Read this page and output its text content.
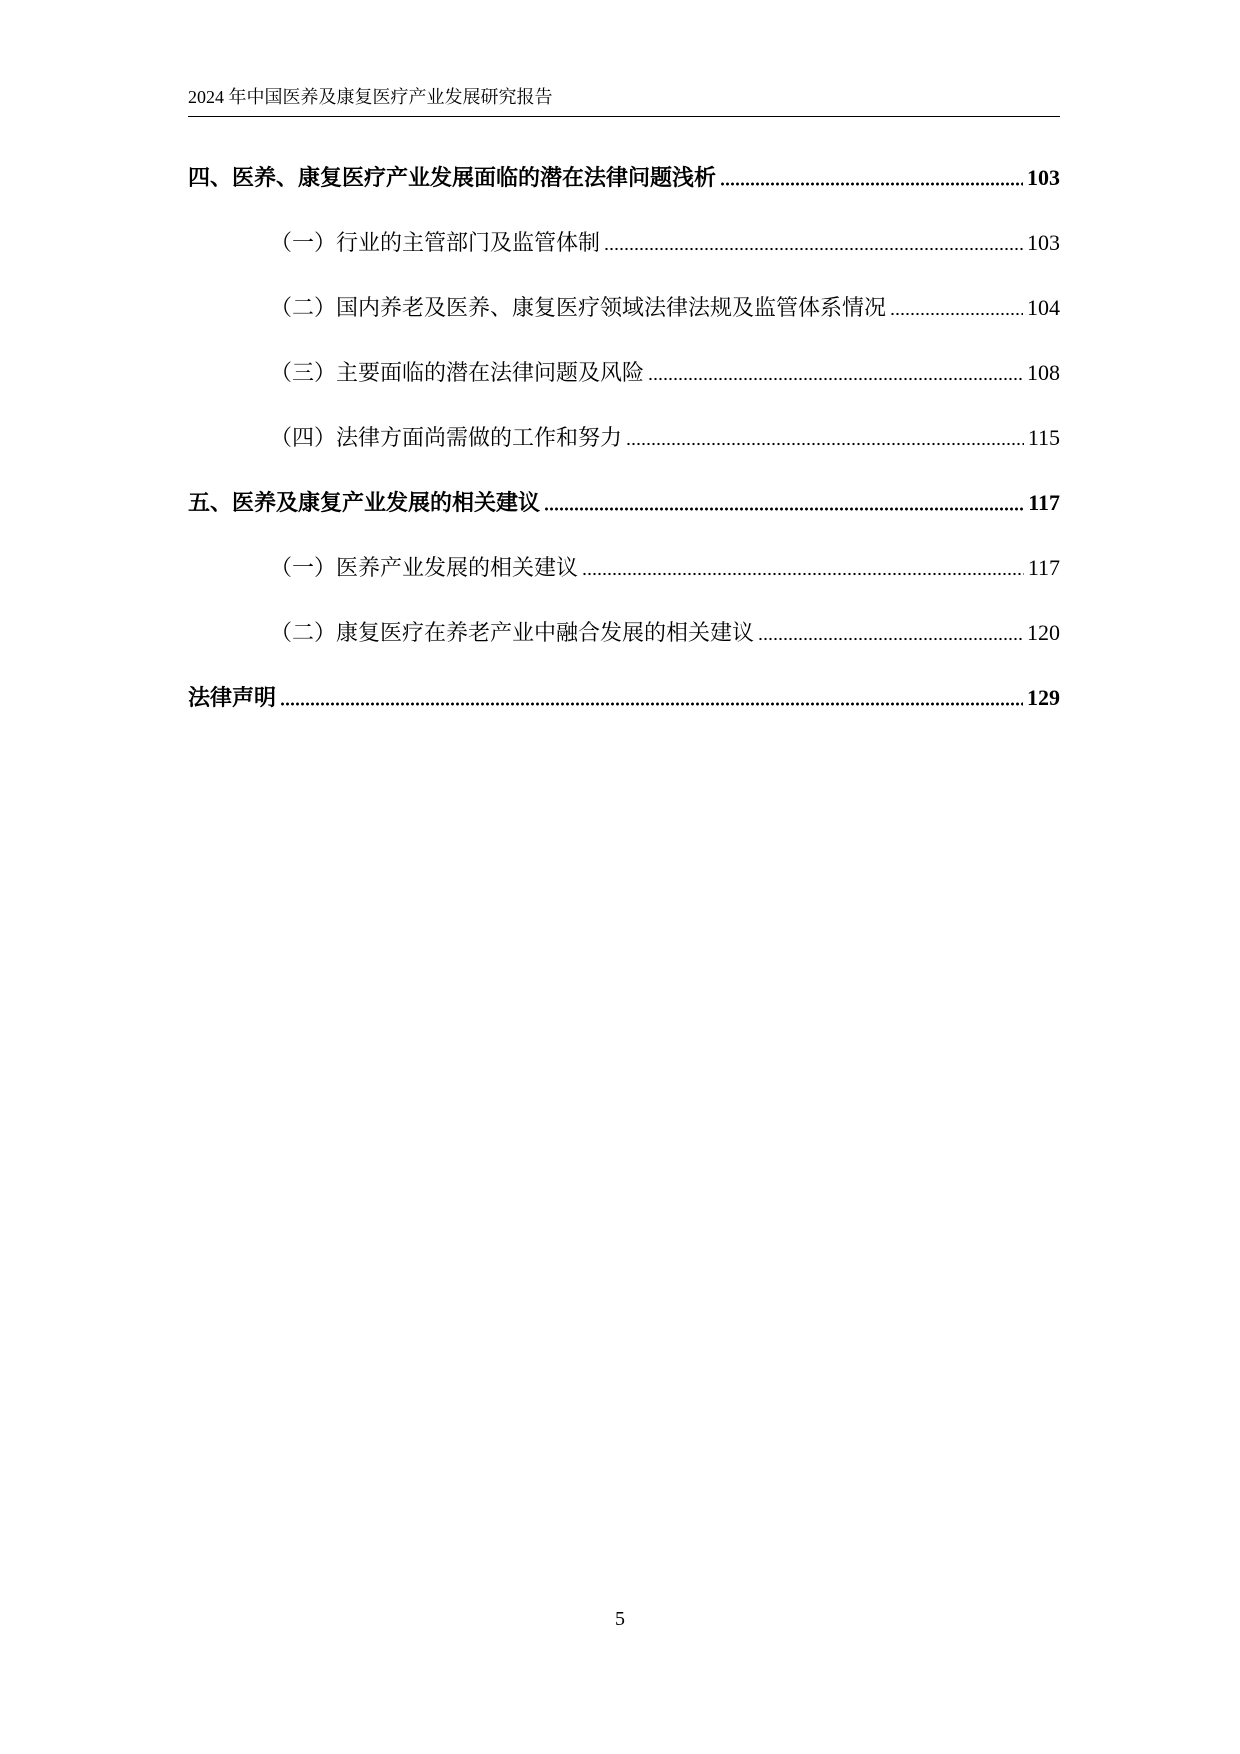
2024 年中国医养及康复医疗产业发展研究报告
四、医养、康复医疗产业发展面临的潜在法律问题浅析	103
（一）行业的主管部门及监管体制	103
（二）国内养老及医养、康复医疗领域法律法规及监管体系情况	104
（三）主要面临的潜在法律问题及风险	108
（四）法律方面尚需做的工作和努力	115
五、医养及康复产业发展的相关建议	117
（一）医养产业发展的相关建议	117
（二）康复医疗在养老产业中融合发展的相关建议	120
法律声明	129
5
